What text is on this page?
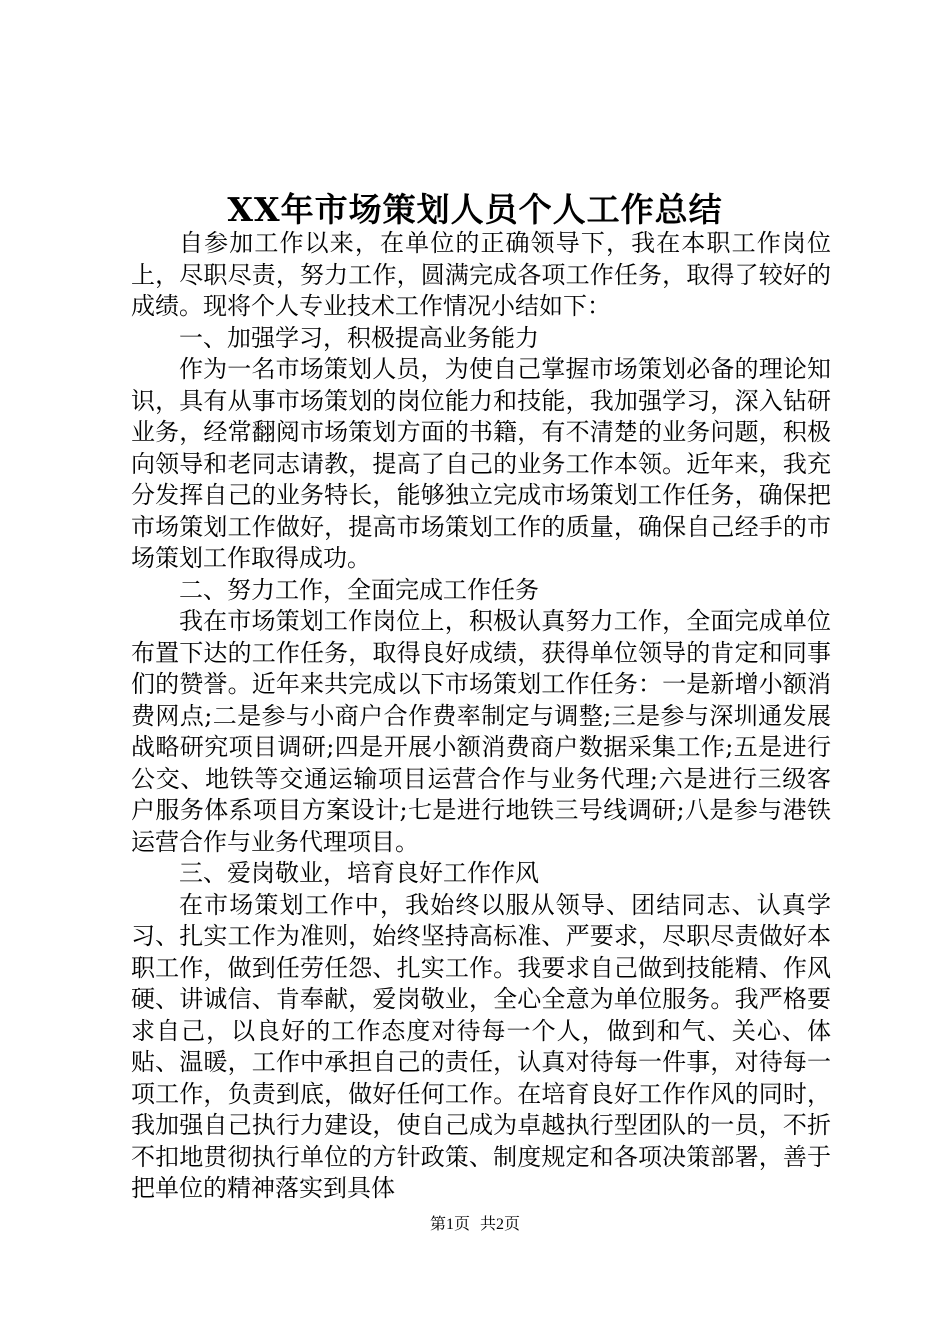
XX年市场策划人员个人工作总结

自参加工作以来，在单位的正确领导下，我在本职工作岗位上，尽职尽责，努力工作，圆满完成各项工作任务，取得了较好的成绩。现将个人专业技术工作情况小结如下：

一、加强学习，积极提高业务能力

作为一名市场策划人员，为使自己掌握市场策划必备的理论知识，具有从事市场策划的岗位能力和技能，我加强学习，深入钻研业务，经常翻阅市场策划方面的书籍，有不清楚的业务问题，积极向领导和老同志请教，提高了自己的业务工作本领。近年来，我充分发挥自己的业务特长，能够独立完成市场策划工作任务，确保把市场策划工作做好，提高市场策划工作的质量，确保自己经手的市场策划工作取得成功。

二、努力工作，全面完成工作任务

我在市场策划工作岗位上，积极认真努力工作，全面完成单位布置下达的工作任务，取得良好成绩，获得单位领导的肯定和同事们的赞誉。近年来共完成以下市场策划工作任务：一是新增小额消费网点;二是参与小商户合作费率制定与调整;三是参与深圳通发展战略研究项目调研;四是开展小额消费商户数据采集工作;五是进行公交、地铁等交通运输项目运营合作与业务代理;六是进行三级客户服务体系项目方案设计;七是进行地铁三号线调研;八是参与港铁运营合作与业务代理项目。

三、爱岗敬业，培育良好工作作风

在市场策划工作中，我始终以服从领导、团结同志、认真学习、扎实工作为准则，始终坚持高标准、严要求，尽职尽责做好本职工作，做到任劳任怨、扎实工作。我要求自己做到技能精、作风硬、讲诚信、肯奉献，爱岗敬业，全心全意为单位服务。我严格要求自己，以良好的工作态度对待每一个人，做到和气、关心、体贴、温暖，工作中承担自己的责任，认真对待每一件事，对待每一项工作，负责到底，做好任何工作。在培育良好工作作风的同时，我加强自己执行力建设，使自己成为卓越执行型团队的一员，不折不扣地贯彻执行单位的方针政策、制度规定和各项决策部署，善于把单位的精神落实到具体

第1页 共2页
